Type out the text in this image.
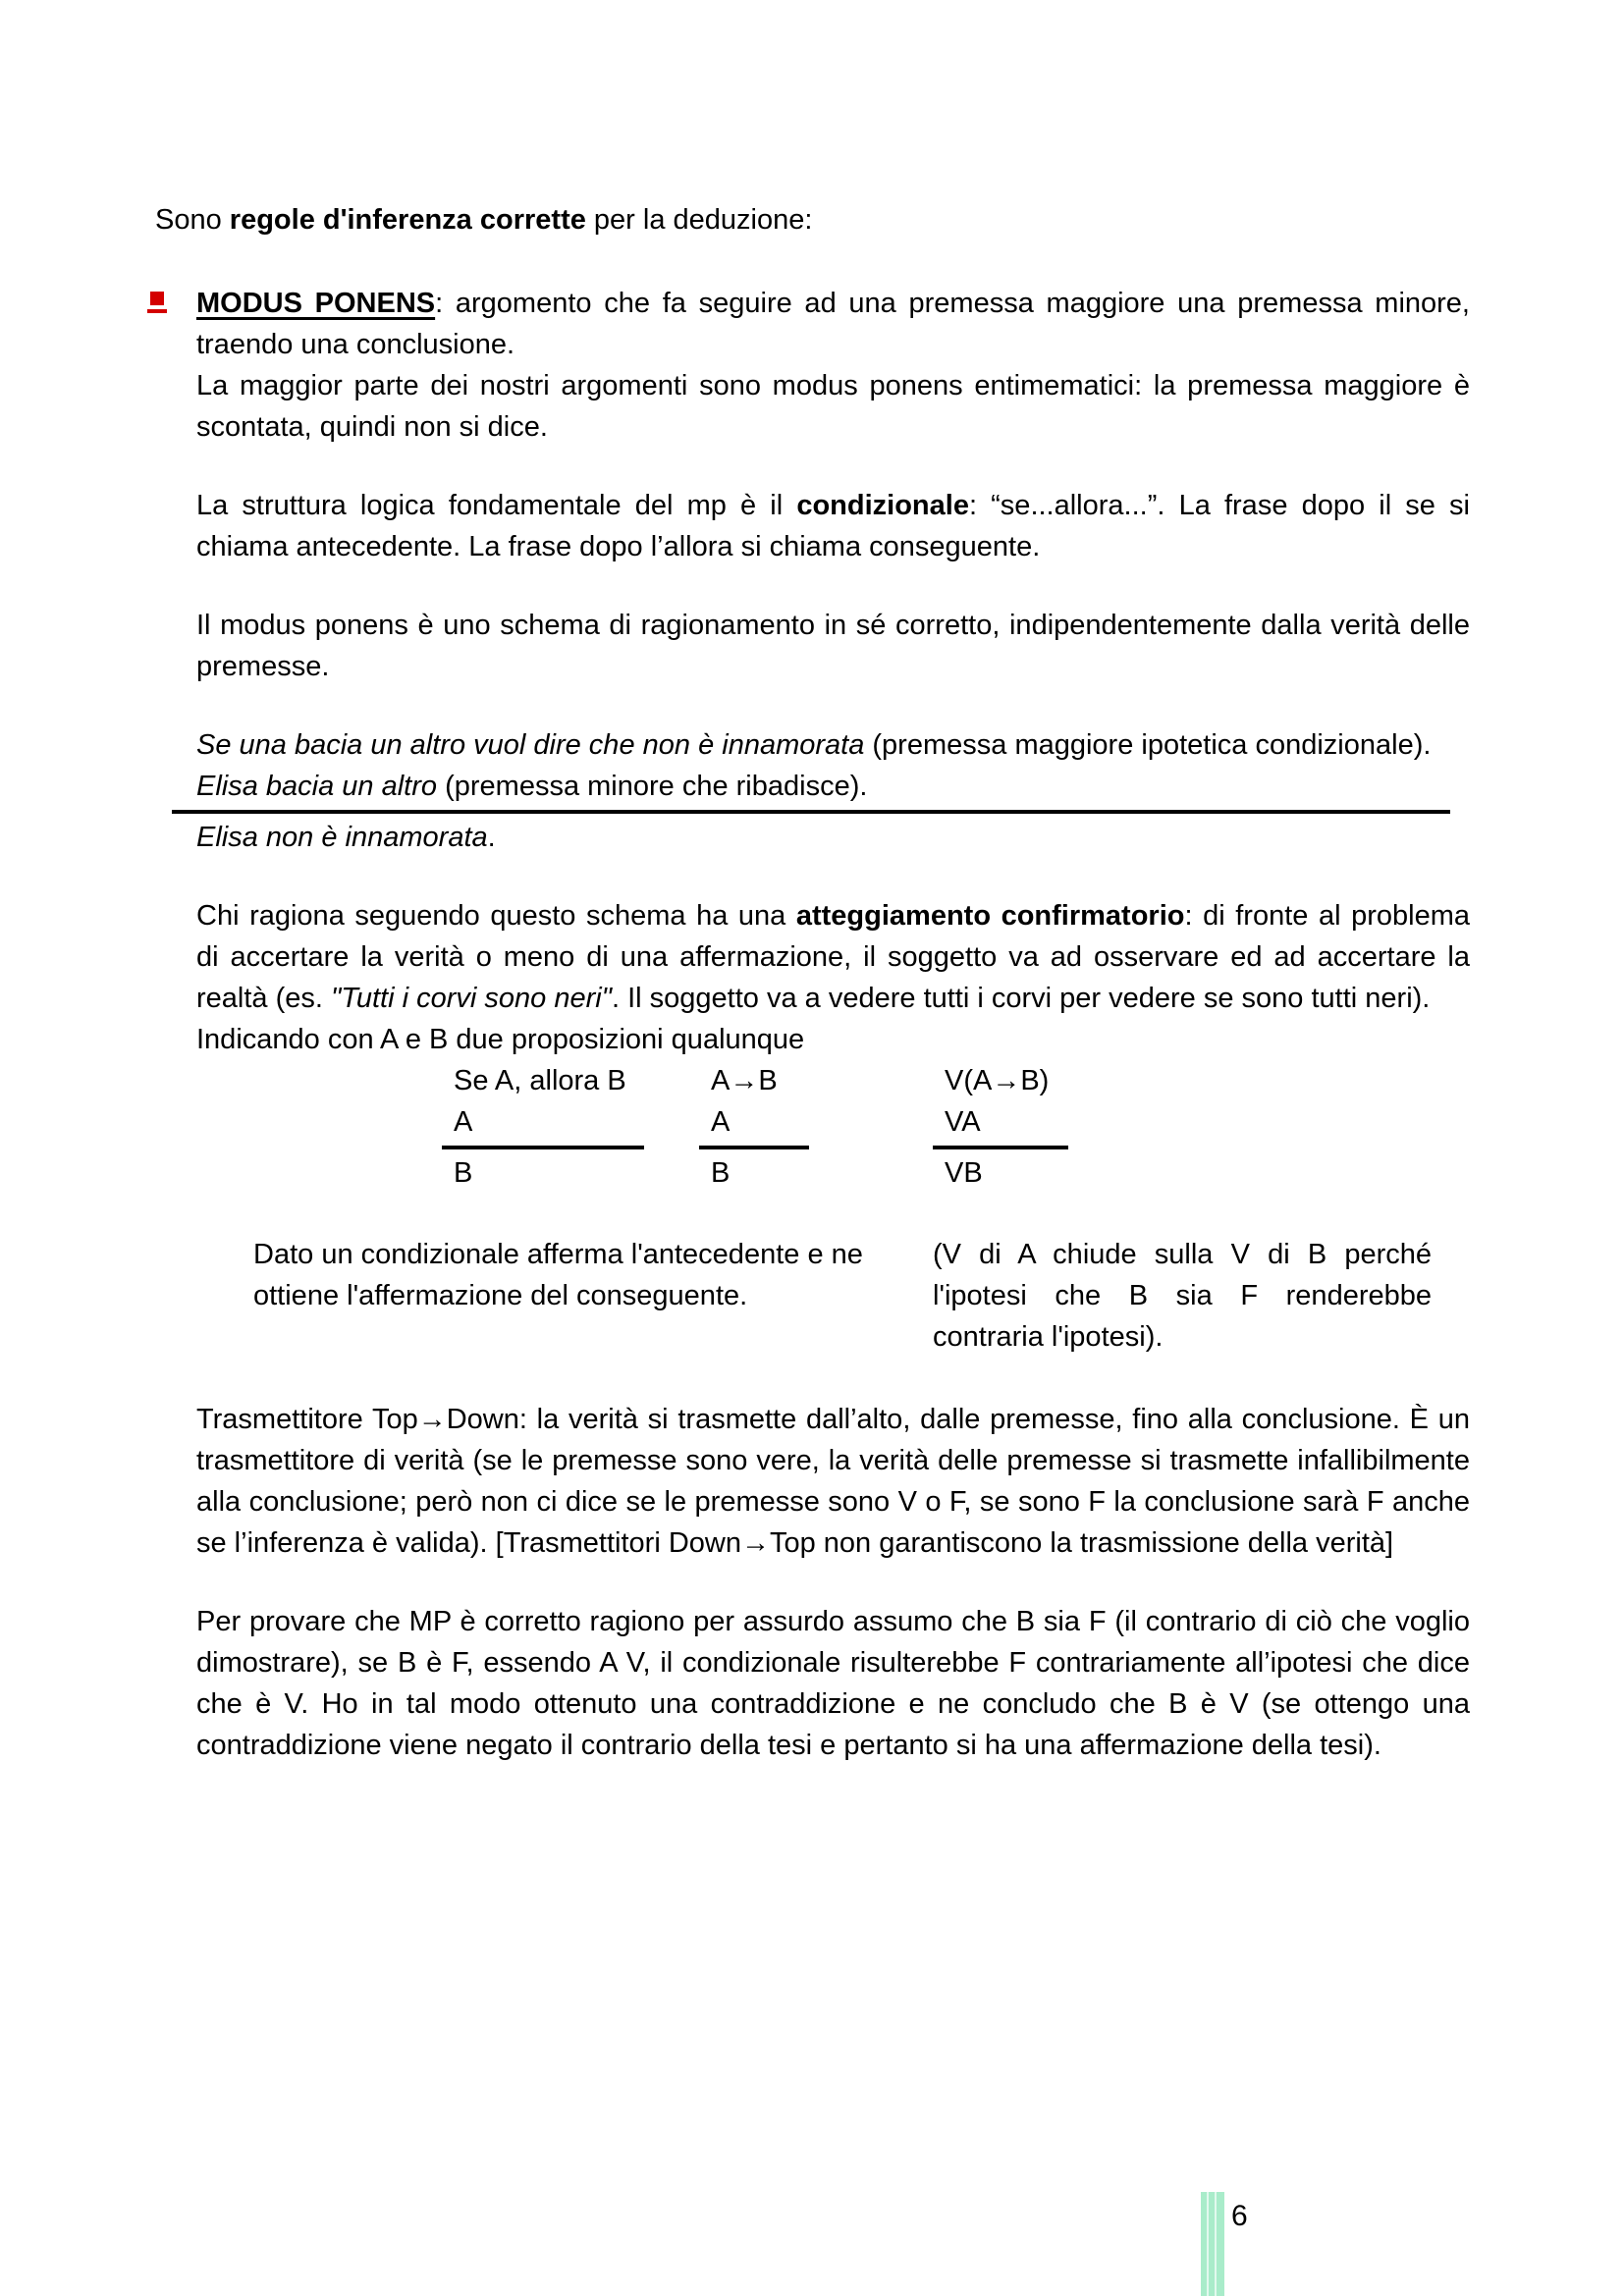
Sono regole d'inferenza corrette per la deduzione:

MODUS PONENS: argomento che fa seguire ad una premessa maggiore una premessa minore, traendo una conclusione.

La maggior parte dei nostri argomenti sono modus ponens entimematici: la premessa maggiore è scontata, quindi non si dice.

La struttura logica fondamentale del mp è il condizionale: “se...allora...”. La frase dopo il se si chiama antecedente. La frase dopo l’allora si chiama conseguente.

Il modus ponens è uno schema di ragionamento in sé corretto, indipendentemente dalla verità delle premesse.

Se una bacia un altro vuol dire che non è innamorata (premessa maggiore ipotetica condizionale).

Elisa bacia un altro (premessa minore che ribadisce).

Elisa non è innamorata.

Chi ragiona seguendo questo schema ha una atteggiamento confirmatorio: di fronte al problema di accertare la verità o meno di una affermazione, il soggetto va ad osservare ed ad accertare la realtà (es. "Tutti i corvi sono neri". Il soggetto va a vedere tutti i corvi per vedere se sono tutti neri).

Indicando con A e B due proposizioni qualunque

Se A, allora B
A
B
A→B
A
B
V(A→B)
VA
VB

Dato un condizionale afferma l'antecedente e ne ottiene l'affermazione del conseguente.

(V di A chiude sulla V di B perché l'ipotesi che B sia F renderebbe contraria l'ipotesi).

Trasmettitore Top→Down: la verità si trasmette dall’alto, dalle premesse, fino alla conclusione. È un trasmettitore di verità (se le premesse sono vere, la verità delle premesse si trasmette infallibilmente alla conclusione; però non ci dice se le premesse sono V o F, se sono F la conclusione sarà F anche se l’inferenza è valida). [Trasmettitori Down→Top non garantiscono la trasmissione della verità]

Per provare che MP è corretto ragiono per assurdo assumo che B sia F (il contrario di ciò che voglio dimostrare), se B è F, essendo A V, il condizionale risulterebbe F contrariamente all’ipotesi che dice che è V. Ho in tal modo ottenuto una contraddizione e ne concludo che B è V (se ottengo una contraddizione viene negato il contrario della tesi e pertanto si ha una affermazione della tesi).

6
